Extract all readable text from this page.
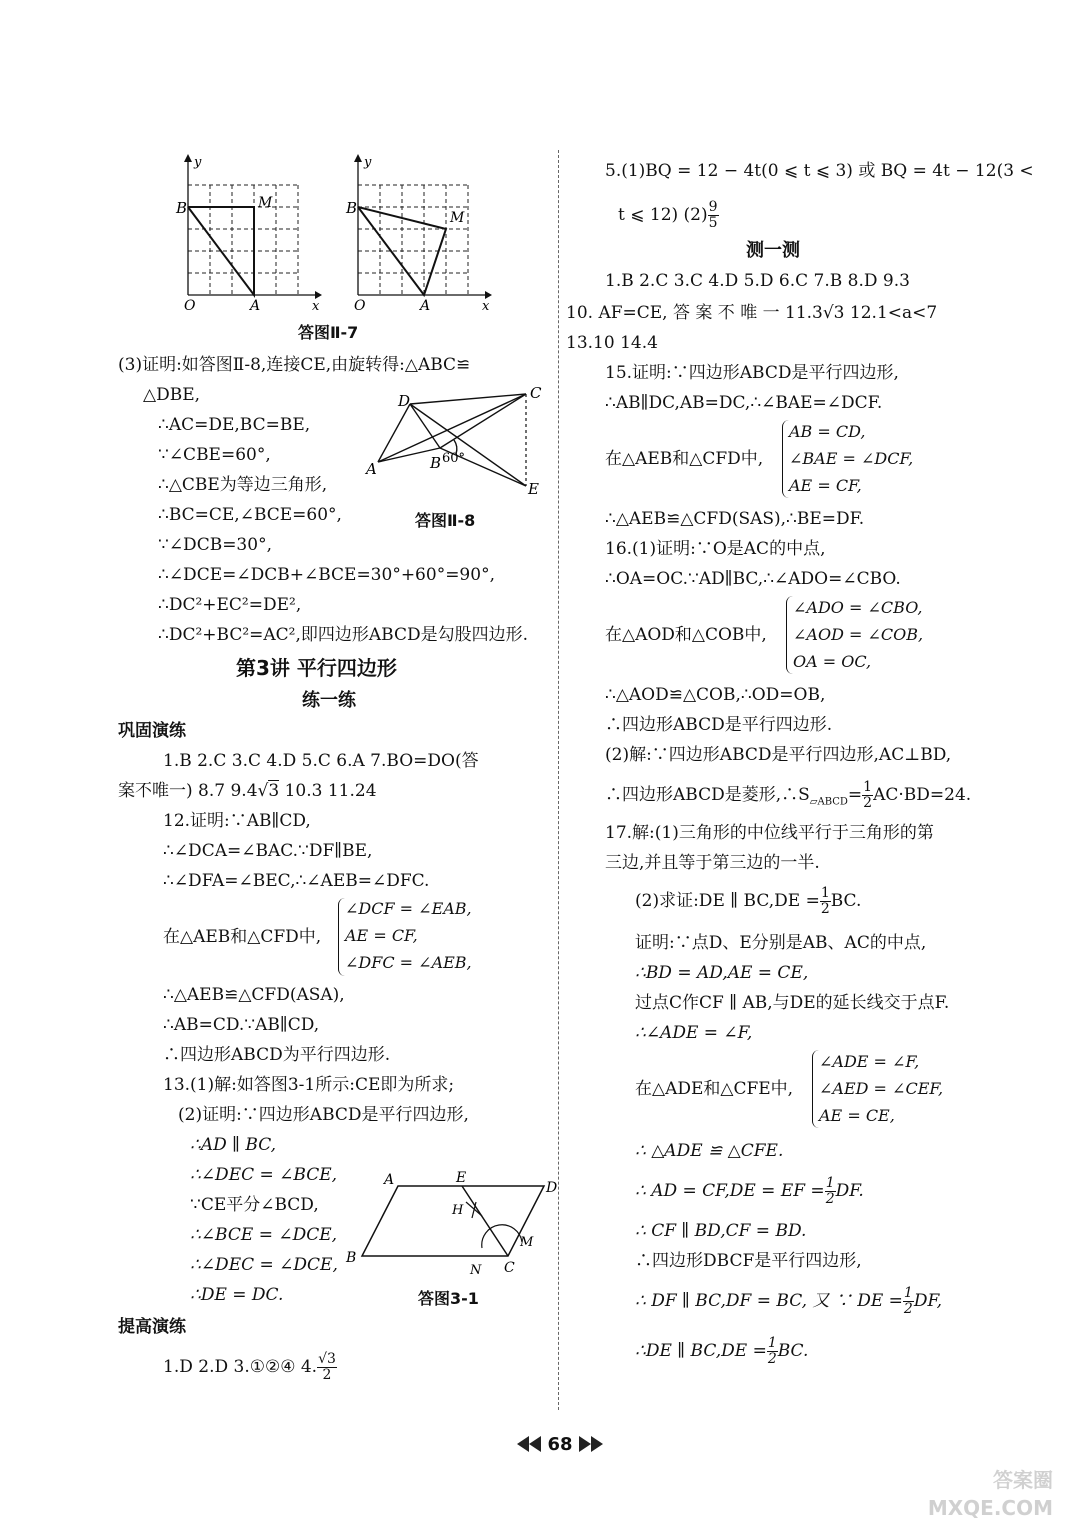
y
B	M
O	A	x
y
B
M
O	A	x
答图Ⅱ-7
(3)证明:如答图Ⅱ-8,连接CE,由旋转得:△ABC≌
△DBE,
∴AC=DE,BC=BE,
∵∠CBE=60°,
∴△CBE为等边三角形,
∴BC=CE,∠BCE=60°,
∵∠DCB=30°,
∴∠DCE=∠DCB+∠BCE=30°+60°=90°,
∴DC²+EC²=DE²,
∴DC²+BC²=AC²,即四边形ABCD是勾股四边形.
D	C
A	B
E
60°
答图Ⅱ-8
第3讲 平行四边形
练一练
巩固演练
1.B 2.C 3.C 4.D 5.C 6.A 7.BO=DO(答
案不唯一) 8.7 9.4√3 10.3 11.24
12.证明:∵AB∥CD,
∴∠DCA=∠BAC.∵DF∥BE,
∴∠DFA=∠BEC,∴∠AEB=∠DFC.
在△AEB和△CFD中,
∠DCF = ∠EAB,
AE = CF,
∠DFC = ∠AEB,
∴△AEB≌△CFD(ASA),
∴AB=CD.∵AB∥CD,
∴四边形ABCD为平行四边形.
13.(1)解:如答图3-1所示:CE即为所求;
(2)证明:∵四边形ABCD是平行四边形,
∴AD ∥ BC,
∴∠DEC = ∠BCE,
∵CE平分∠BCD,
∴∠BCE = ∠DCE,
∴∠DEC = ∠DCE,
∴DE = DC.
A	E
D
H
M
B
N C
答图3-1
提高演练
1.D 2.D 3.①②④ 4. $\frac{√3}{2}$
5.(1)BQ = 12 − 4t(0 ⩽ t ⩽ 3) 或 BQ = 4t − 12(3 <
t ⩽ 12) $(2) \frac{9}{5}$
测一测
1.B 2.C 3.C 4.D 5.D 6.C 7.B 8.D 9.3
10. AF=CE, 答 案 不 唯 一 11.3√3 12.1<a<7
13.10 14.4
15.证明:∵四边形ABCD是平行四边形,
∴AB∥DC,AB=DC,∴∠BAE=∠DCF.
在△AEB和△CFD中,
AB = CD,
∠BAE = ∠DCF,
AE = CF,
∴△AEB≌△CFD(SAS),∴BE=DF.
16.(1)证明:∵O是AC的中点,
∴OA=OC.∵AD∥BC,∴∠ADO=∠CBO.
在△AOD和△COB中,
∠ADO = ∠CBO,
∠AOD = ∠COB,
OA = OC,
∴△AOD≌△COB,∴OD=OB,
∴四边形ABCD是平行四边形.
(2)解:∵四边形ABCD是平行四边形,AC⊥BD,
∴四边形ABCD是菱形$,\therefore S_{▱ABCD}= \frac{1}{2} AC\cdot BD=24$.
17.解:(1)三角形的中位线平行于三角形的第
三边,并且等于第三边的一半.
(2)求证:DE ∥ $BC,DE = \frac{1}{2}$ BC.
证明:∵点D、E分别是AB、AC的中点,
∴BD = AD,AE = CE,
过点C作CF ∥ AB,与DE的延长线交于点F.
∴∠ADE = ∠F,
在△ADE和△CFE中,
∠ADE = ∠F,
∠AED = ∠CEF,
AE = CE,
∴ △ADE ≌ △CFE.
∴ AD = CF,DE = EF = $\frac{1}{2}$ DF.
∴ CF ∥ BD,CF = BD.
∴四边形DBCF是平行四边形,
∴ DF ∥ BC,DF = BC, 又 ∵ DE = $\frac{1}{2}$ DF,
∴DE ∥ $BC,DE = \frac{1}{2}$ BC.
68
答案圈 MXQE.COM
